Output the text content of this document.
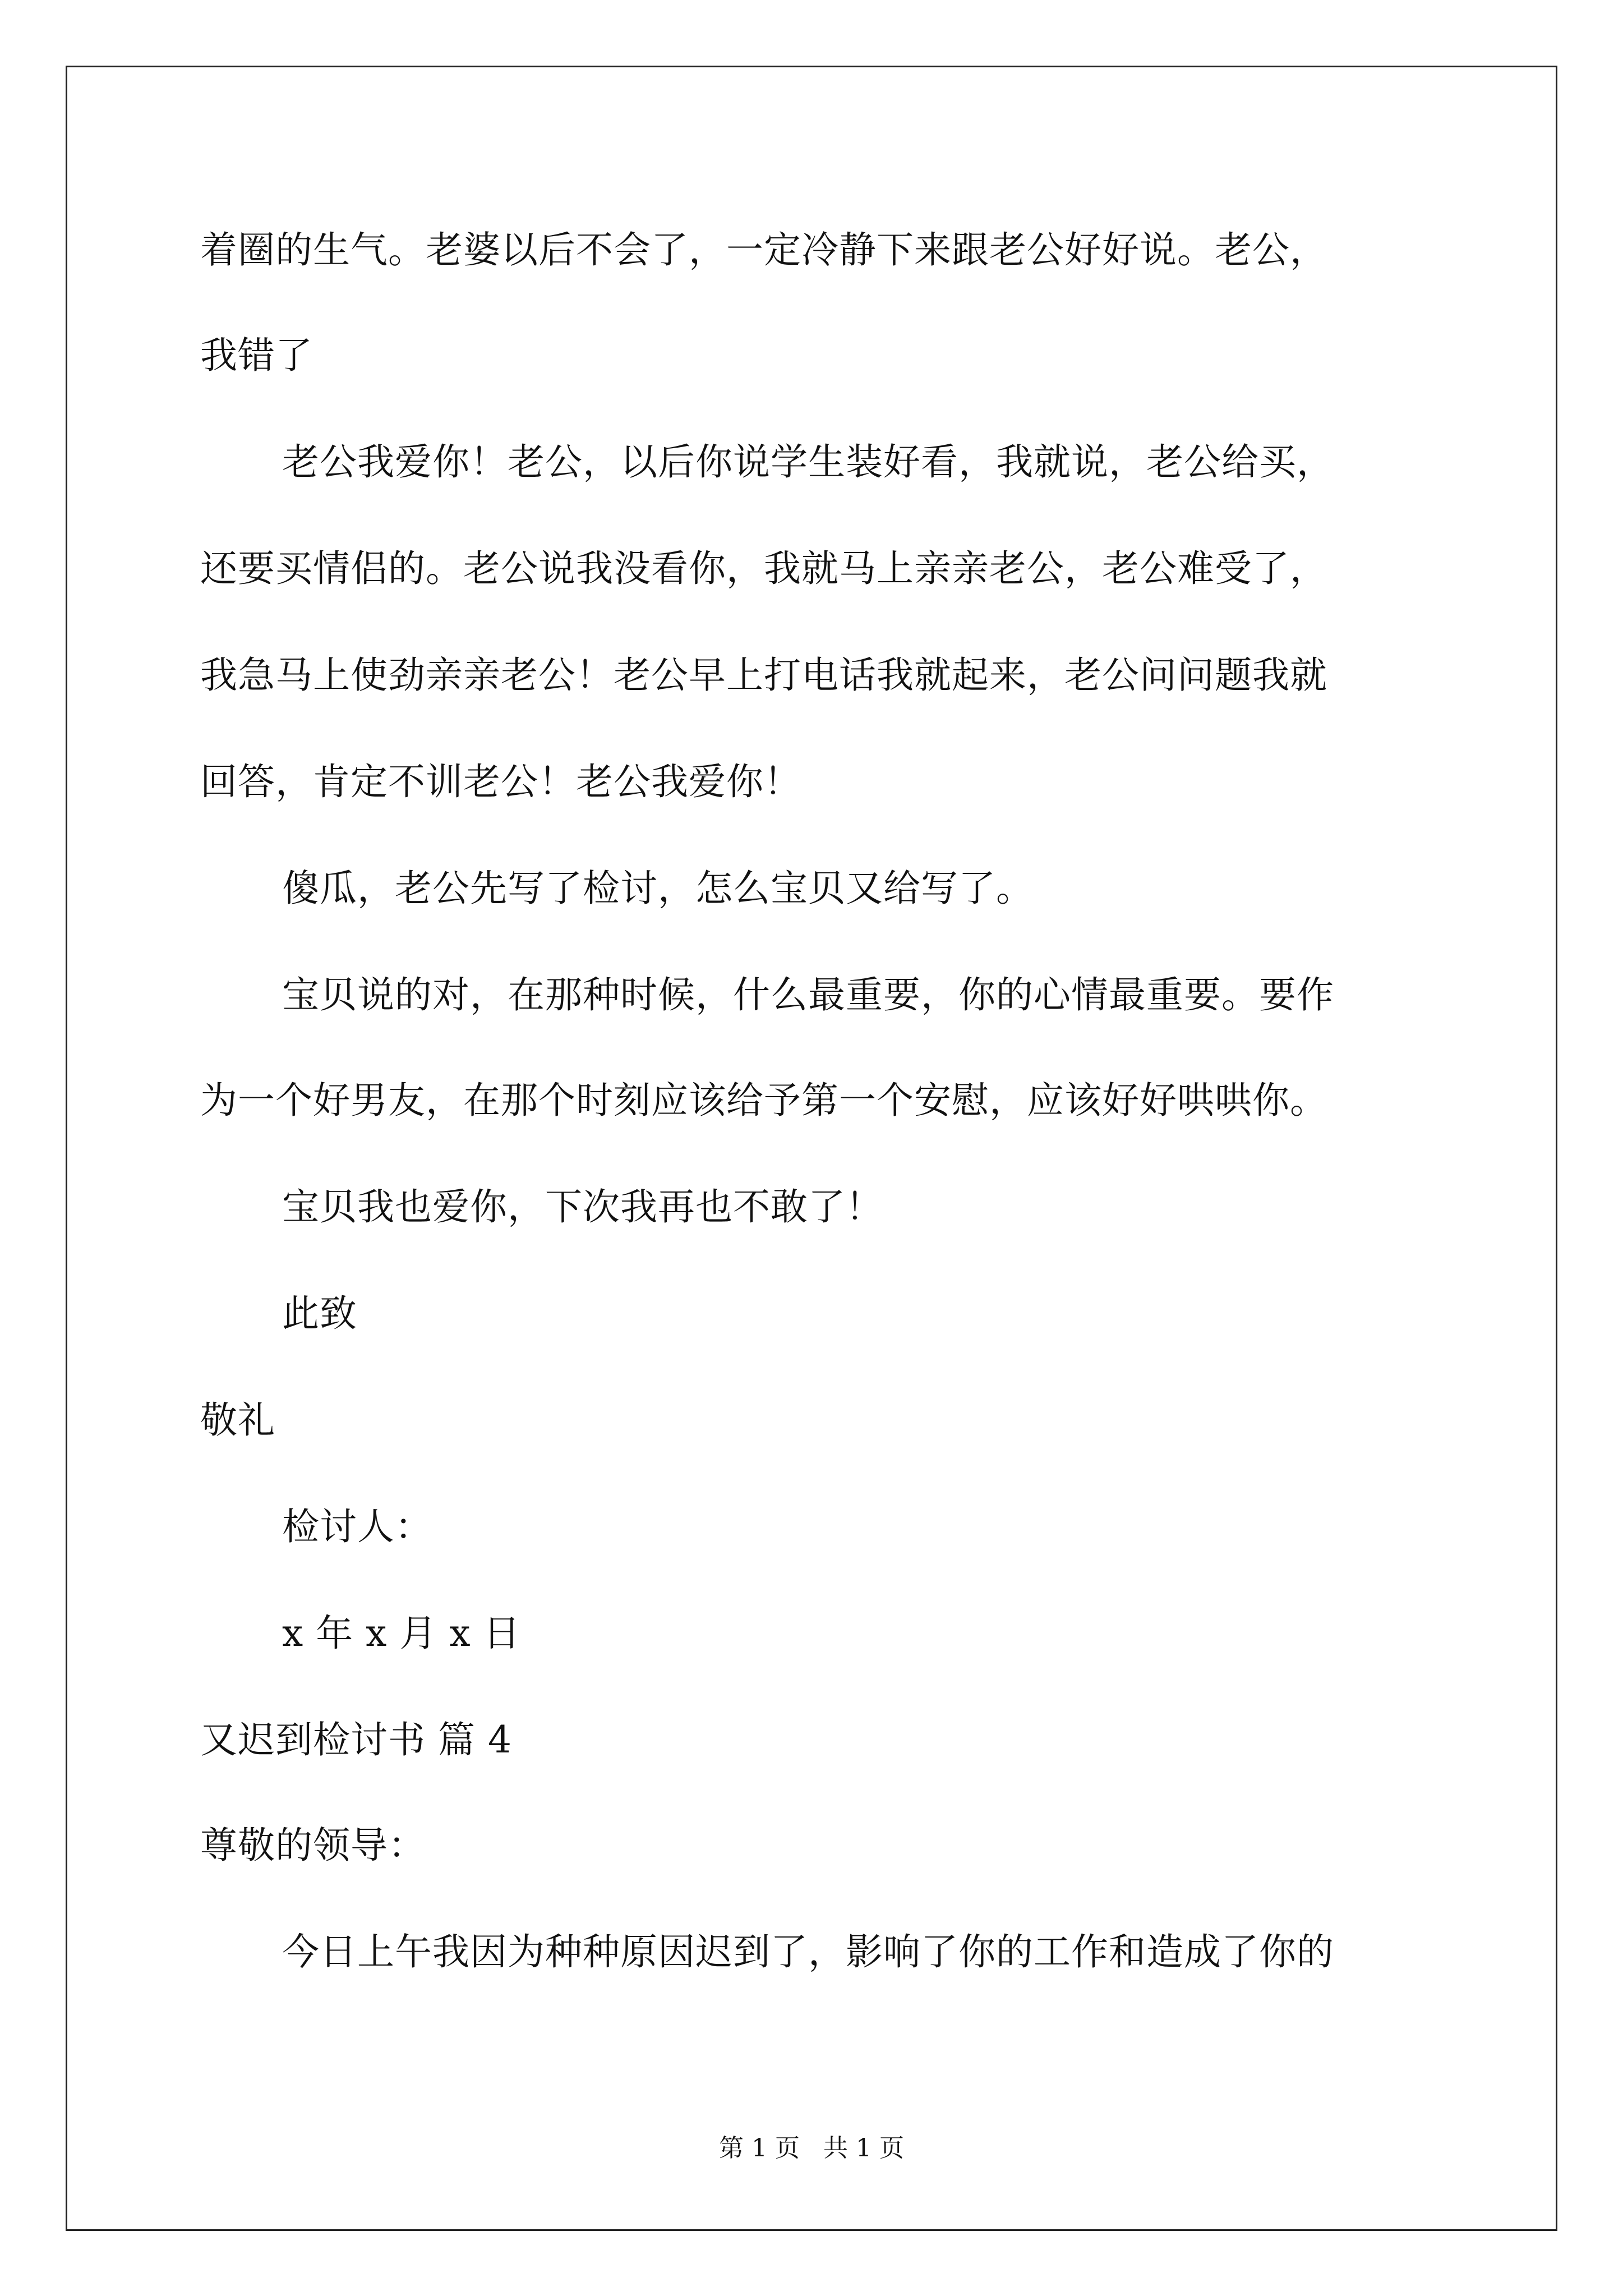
着圈的生气。老婆以后不会了，一定冷静下来跟老公好好说。老公，
我错了
老公我爱你！老公，以后你说学生装好看，我就说，老公给买，
还要买情侣的。老公说我没看你，我就马上亲亲老公，老公难受了，
我急马上使劲亲亲老公！老公早上打电话我就起来，老公问问题我就
回答，肯定不训老公！老公我爱你！
傻瓜，老公先写了检讨，怎么宝贝又给写了。
宝贝说的对，在那种时候，什么最重要，你的心情最重要。要作
为一个好男友，在那个时刻应该给予第一个安慰，应该好好哄哄你。
宝贝我也爱你，下次我再也不敢了！
此致
敬礼
检讨人：
x 年 x 月 x 日
又迟到检讨书 篇 4
尊敬的领导：
今日上午我因为种种原因迟到了，影响了你的工作和造成了你的
第 1 页   共 1 页
